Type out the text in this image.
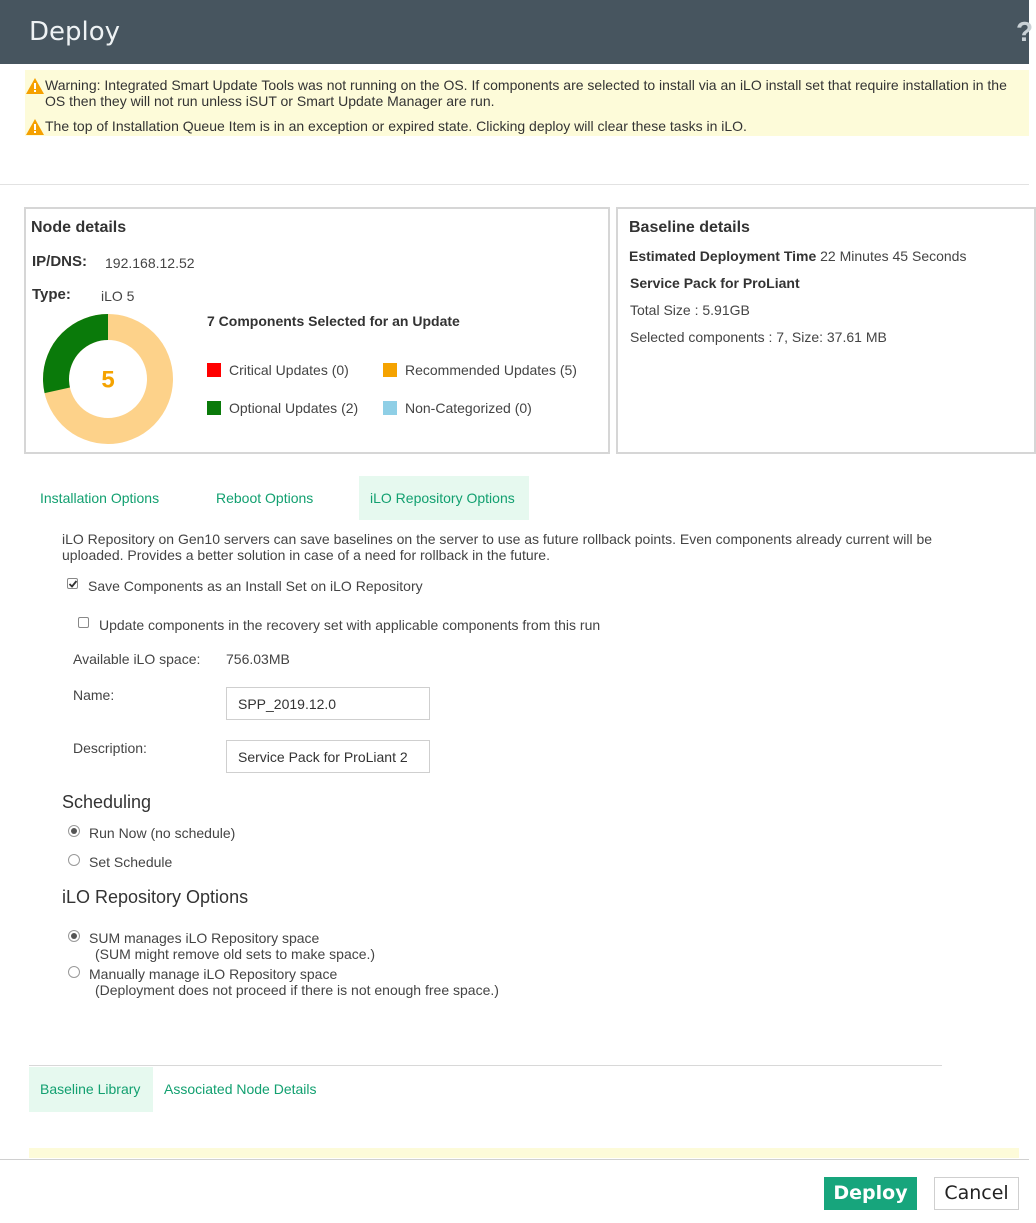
Deploy	?
Warning: Integrated Smart Update Tools was not running on the OS. If components are selected to install via an iLO install set that require installation in the OS then they will not run unless iSUT or Smart Update Manager are run.
The top of Installation Queue Item is in an exception or expired state. Clicking deploy will clear these tasks in iLO.
Node details
IP/DNS: 192.168.12.52
Type: iLO 5
5
7 Components Selected for an Update
Critical Updates (0)	Recommended Updates (5)
Optional Updates (2)	Non-Categorized (0)
Baseline details
Estimated Deployment Time 22 Minutes 45 Seconds
Service Pack for ProLiant
Total Size : 5.91GB
Selected components : 7, Size: 37.61 MB
Installation Options	Reboot Options	iLO Repository Options
iLO Repository on Gen10 servers can save baselines on the server to use as future rollback points. Even components already current will be uploaded. Provides a better solution in case of a need for rollback in the future.
Save Components as an Install Set on iLO Repository
Update components in the recovery set with applicable components from this run
Available iLO space: 756.03MB
Name:
SPP_2019.12.0
Description:
Service Pack for ProLiant 2
Scheduling
Run Now (no schedule)
Set Schedule
iLO Repository Options
SUM manages iLO Repository space
(SUM might remove old sets to make space.)
Manually manage iLO Repository space
(Deployment does not proceed if there is not enough free space.)
Baseline Library	Associated Node Details
Deploy	Cancel
